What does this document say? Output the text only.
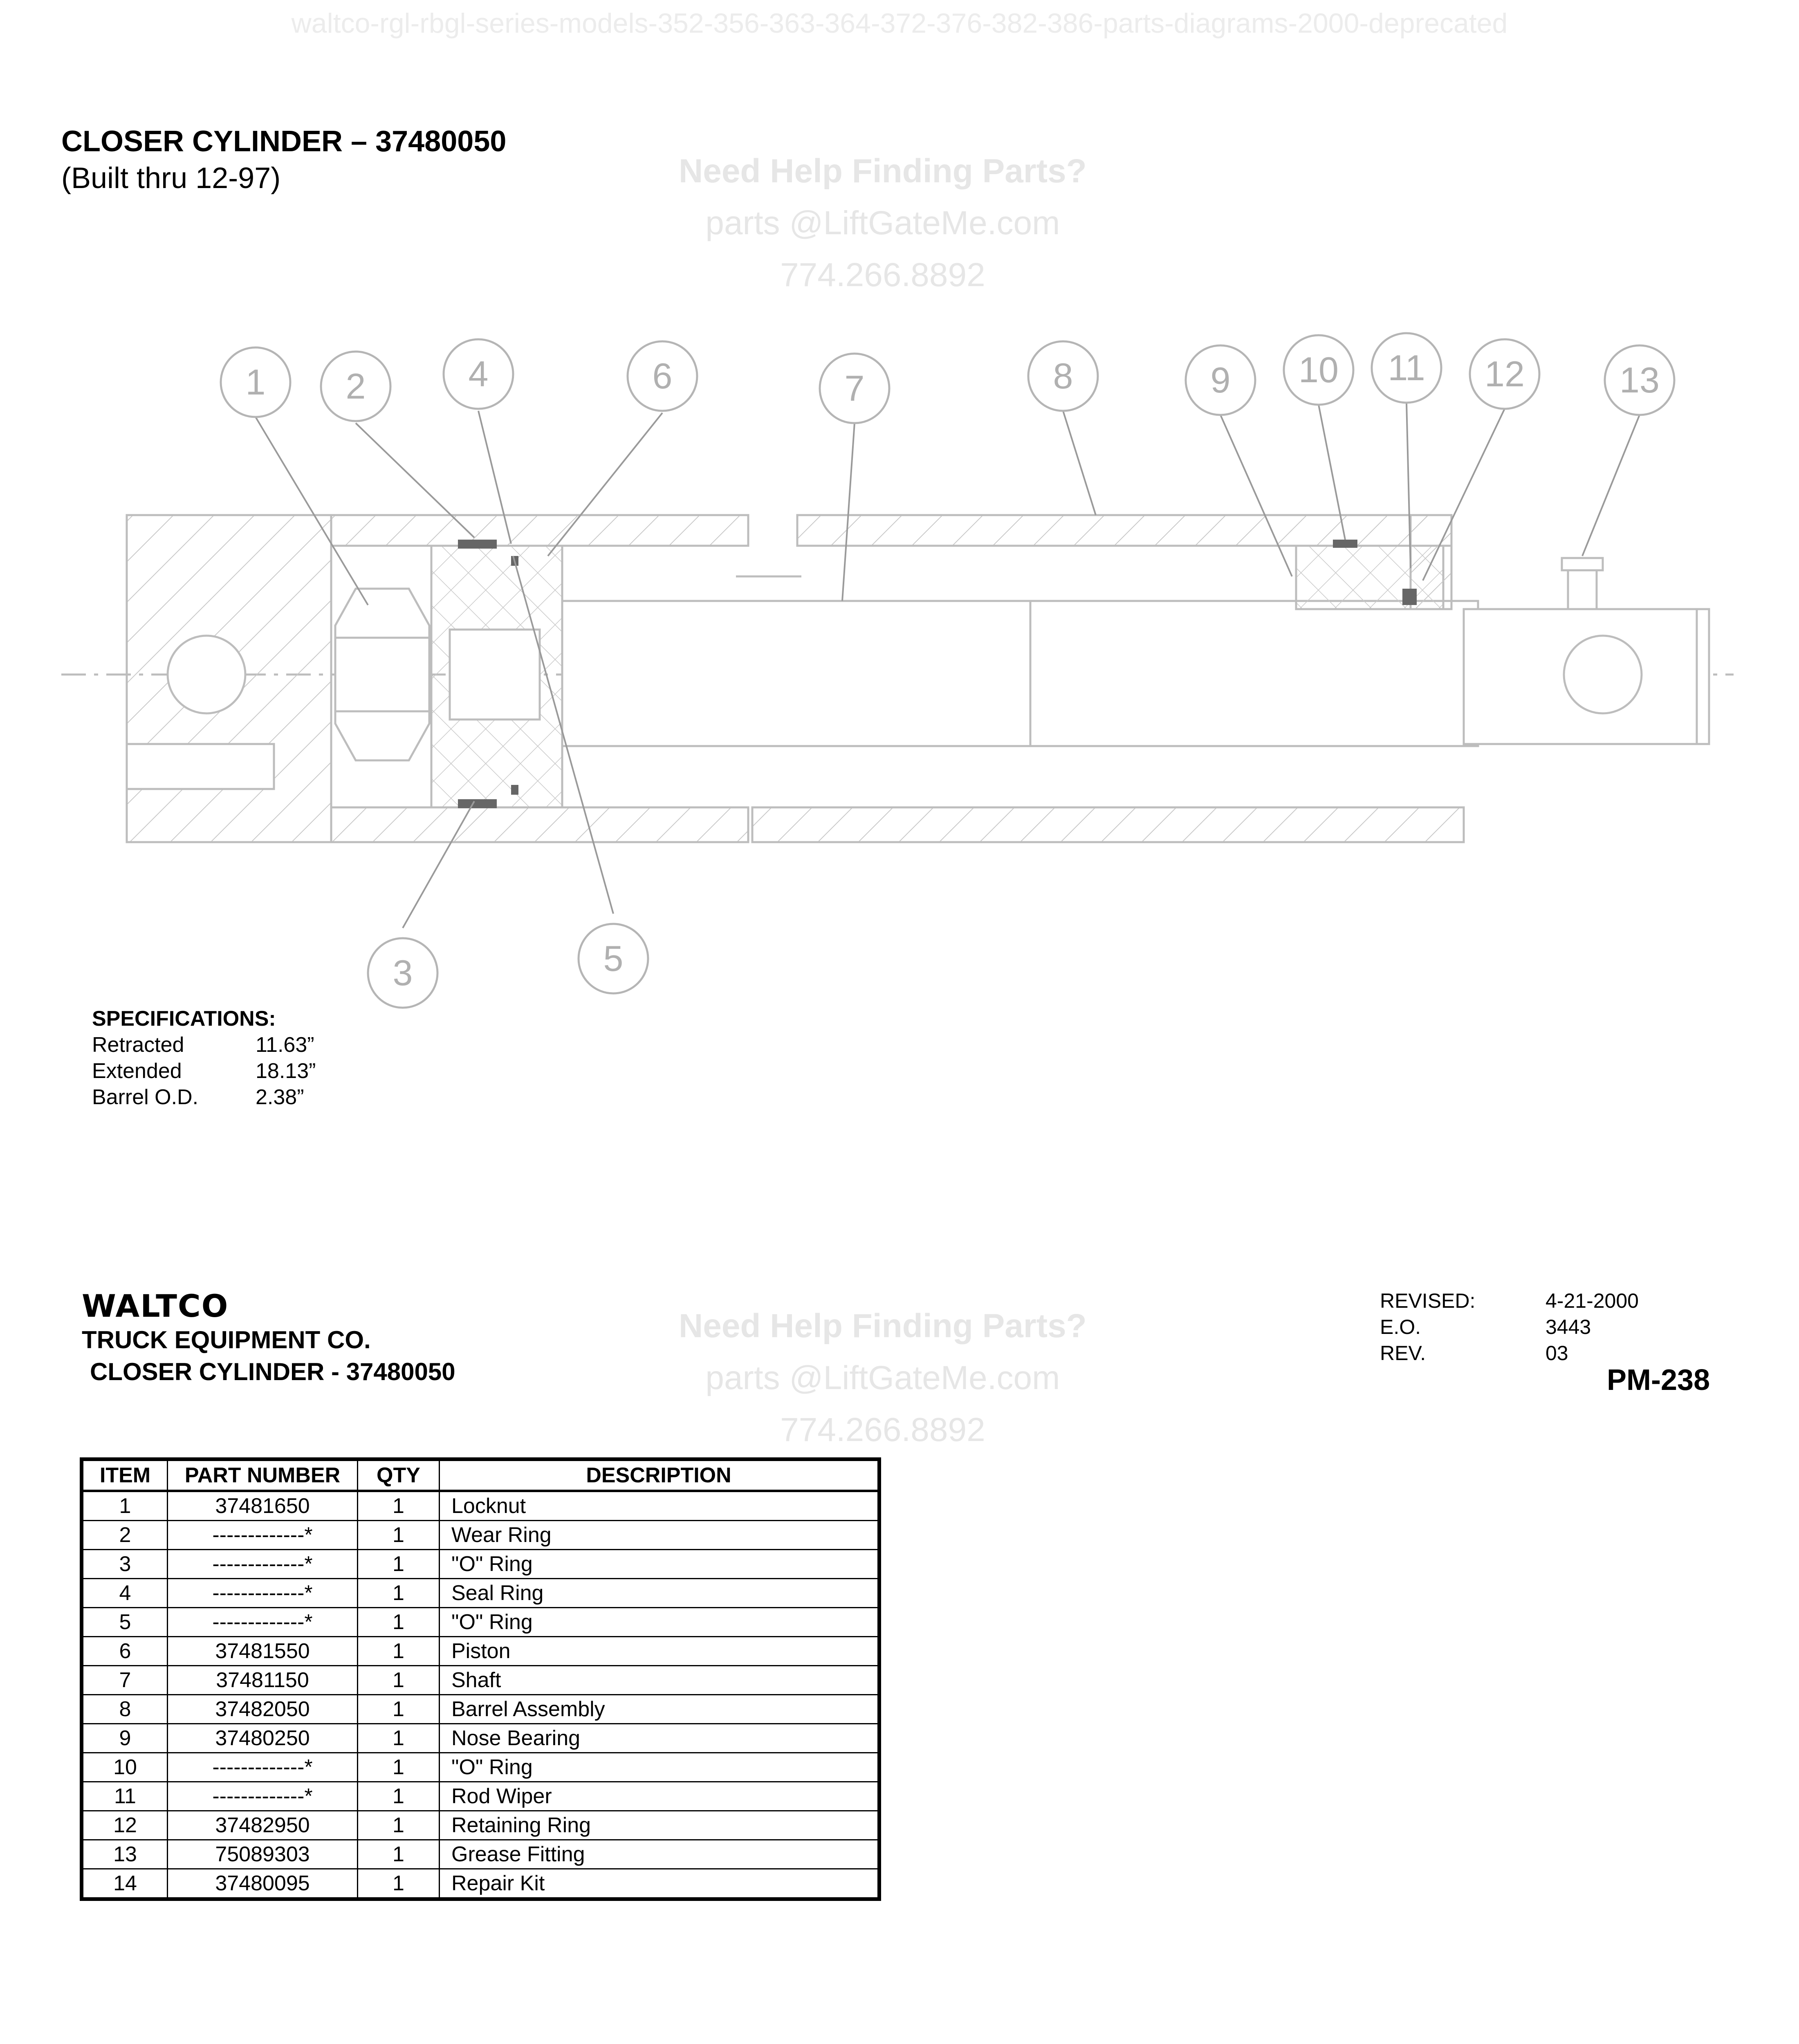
waltco-rgl-rbgl-series-models-352-356-363-364-372-376-382-386-parts-diagrams-2000-deprecated
CLOSER CYLINDER – 37480050
(Built thru 12-97)	Need Help Finding Parts?
parts @LiftGateMe.com
774.266.8892
1 2	4	6	7	8	9 10 11 12	13
3	5
SPECIFICATIONS:
Retracted	11.63”
Extended	18.13”
Barrel O.D.	2.38”
WALTCO
TRUCK EQUIPMENT CO.
CLOSER CYLINDER - 37480050
Need Help Finding Parts?
parts @LiftGateMe.com
774.266.8892
REVISED:	4-21-2000
E.O.	3443
REV.	03
PM-238
ITEM	PART NUMBER	QTY	DESCRIPTION
1	37481650	1	Locknut
2	-------------*	1	Wear Ring
3	-------------*	1	"O" Ring
4	-------------*	1	Seal Ring
5	-------------*	1	"O" Ring
6	37481550	1	Piston
7	37481150	1	Shaft
8	37482050	1	Barrel Assembly
9	37480250	1	Nose Bearing
10	-------------*	1	"O" Ring
11	-------------*	1	Rod Wiper
12	37482950	1	Retaining Ring
13	75089303	1	Grease Fitting
14	37480095	1	Repair Kit
